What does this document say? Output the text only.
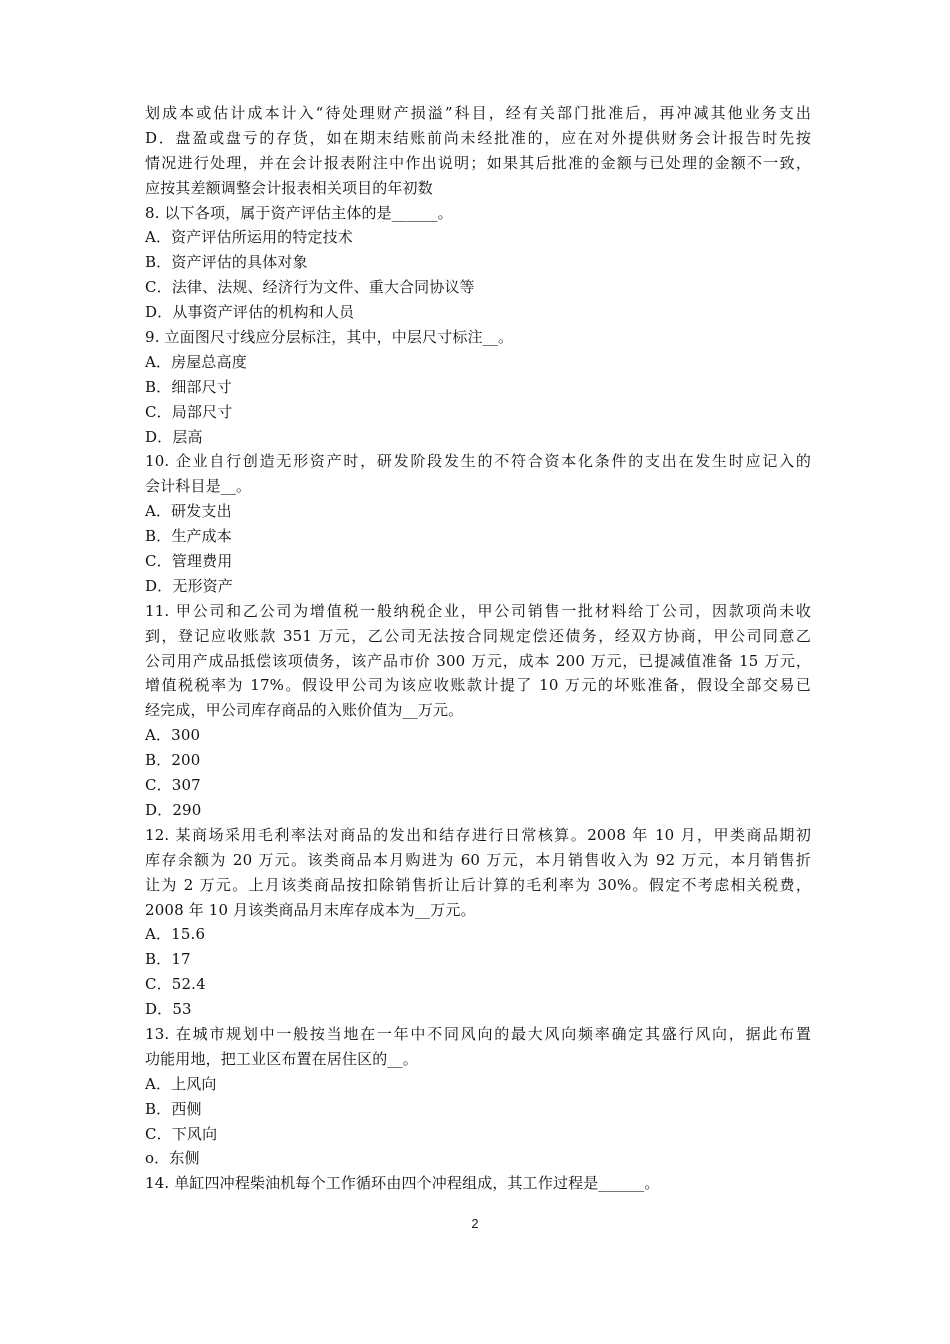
划成本或估计成本计入“待处理财产损溢”科目，经有关部门批准后，再冲减其他业务支出
D．盘盈或盘亏的存货，如在期末结账前尚未经批准的，应在对外提供财务会计报告时先按
情况进行处理，并在会计报表附注中作出说明；如果其后批准的金额与已处理的金额不一致，
应按其差额调整会计报表相关项目的年初数
8. 以下各项，属于资产评估主体的是______。
A．资产评估所运用的特定技术
B．资产评估的具体对象
C．法律、法规、经济行为文件、重大合同协议等
D．从事资产评估的机构和人员
9. 立面图尺寸线应分层标注，其中，中层尺寸标注__。
A．房屋总高度
B．细部尺寸
C．局部尺寸
D．层高
10. 企业自行创造无形资产时，研发阶段发生的不符合资本化条件的支出在发生时应记入的
会计科目是__。
A．研发支出
B．生产成本
C．管理费用
D．无形资产
11. 甲公司和乙公司为增值税一般纳税企业，甲公司销售一批材料给丁公司，因款项尚未收
到，登记应收账款 351 万元，乙公司无法按合同规定偿还债务，经双方协商，甲公司同意乙
公司用产成品抵偿该项债务，该产品市价 300 万元，成本 200 万元，已提减值准备 15 万元，
增值税税率为 17%。假设甲公司为该应收账款计提了 10 万元的坏账准备，假设全部交易已
经完成，甲公司库存商品的入账价值为__万元。
A．300
B．200
C．307
D．290
12. 某商场采用毛利率法对商品的发出和结存进行日常核算。2008 年 10 月，甲类商品期初
库存余额为 20 万元。该类商品本月购进为 60 万元，本月销售收入为 92 万元，本月销售折
让为 2 万元。上月该类商品按扣除销售折让后计算的毛利率为 30%。假定不考虑相关税费，
2008 年 10 月该类商品月末库存成本为__万元。
A．15.6
B．17
C．52.4
D．53
13. 在城市规划中一般按当地在一年中不同风向的最大风向频率确定其盛行风向，据此布置
功能用地，把工业区布置在居住区的__。
A．上风向
B．西侧
C．下风向
o．东侧
14. 单缸四冲程柴油机每个工作循环由四个冲程组成，其工作过程是______。
2
